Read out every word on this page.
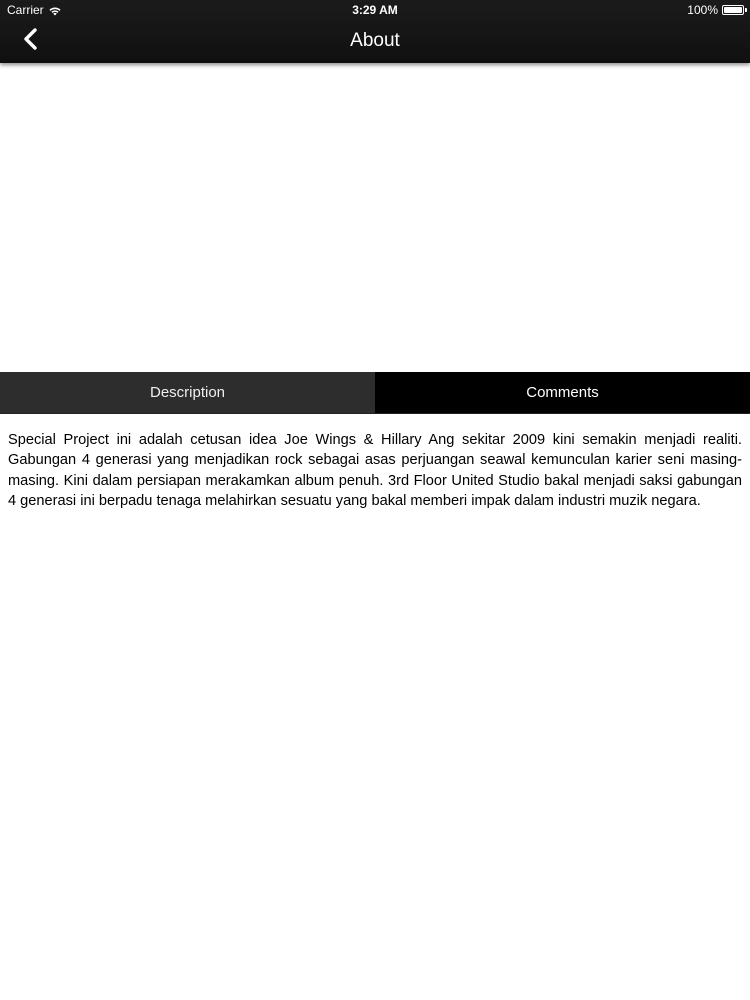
Carrier	3:29 AM	100%
About
Description	Comments
Special Project ini adalah cetusan idea Joe Wings & Hillary Ang sekitar 2009 kini semakin menjadi realiti. Gabungan 4 generasi yang menjadikan rock sebagai asas perjuangan seawal kemunculan karier seni masing-masing. Kini dalam persiapan merakamkan album penuh. 3rd Floor United Studio bakal menjadi saksi gabungan 4 generasi ini berpadu tenaga melahirkan sesuatu yang bakal memberi impak dalam industri muzik negara.
